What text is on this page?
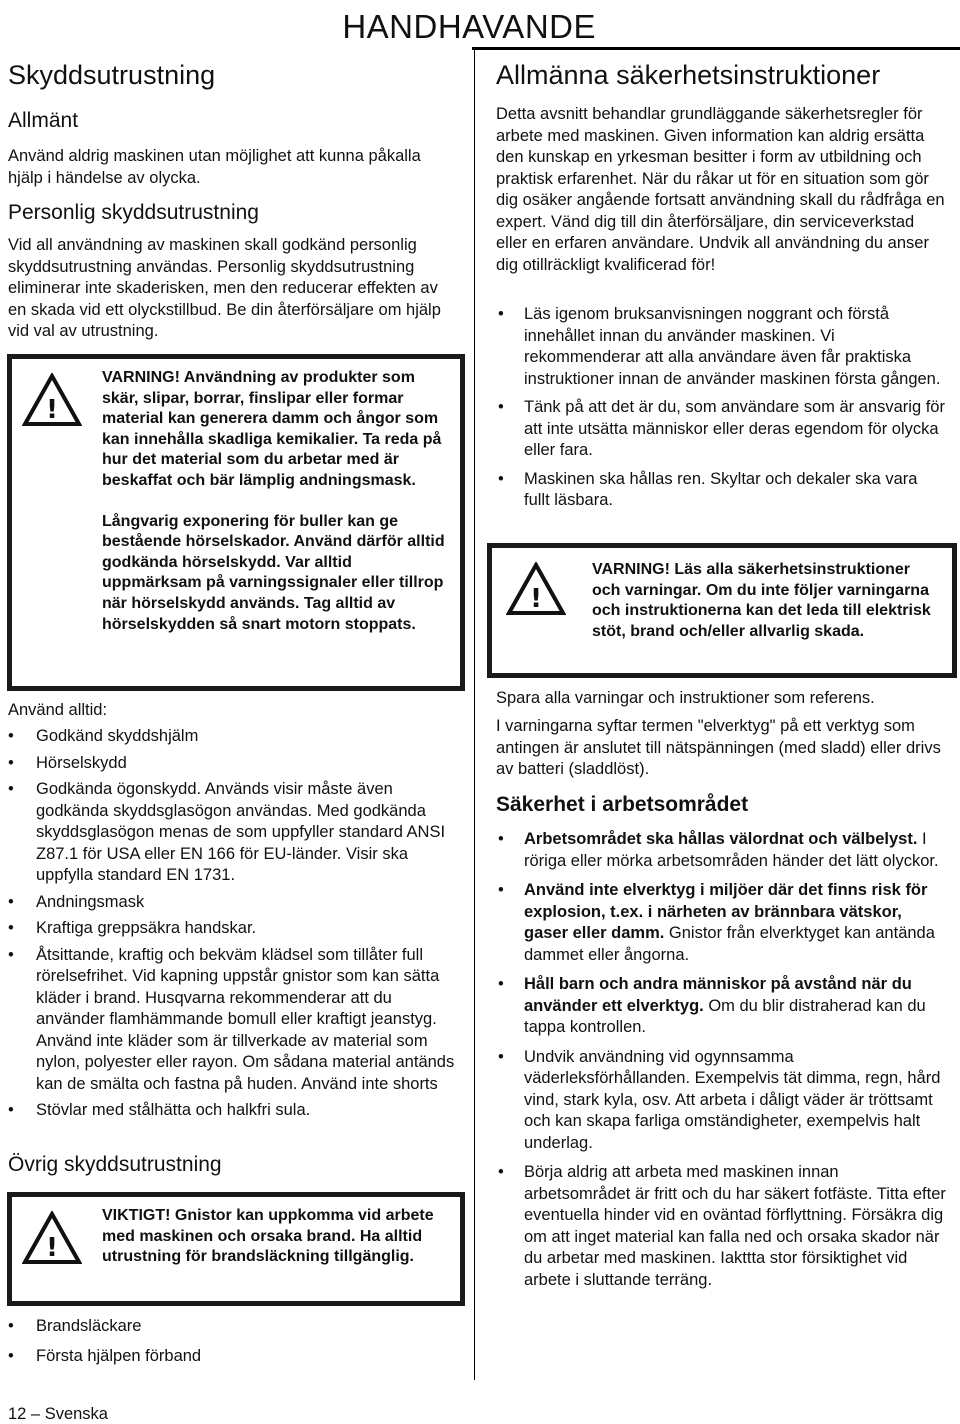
HANDHAVANDE
Skyddsutrustning
Allmänt

Använd aldrig maskinen utan möjlighet att kunna påkalla hjälp i händelse av olycka.

Personlig skyddsutrustning

Vid all användning av maskinen skall godkänd personlig skyddsutrustning användas. Personlig skyddsutrustning eliminerar inte skaderisken, men den reducerar effekten av en skada vid ett olyckstillbud. Be din återförsäljare om hjälp vid val av utrustning.

!

VARNING! Användning av produkter som skär, slipar, borrar, finslipar eller formar material kan generera damm och ångor som kan innehålla skadliga kemikalier. Ta reda på hur det material som du arbetar med är beskaffat och bär lämplig andningsmask.

Långvarig exponering för buller kan ge bestående hörselskador. Använd därför alltid godkända hörselskydd. Var alltid uppmärksam på varningssignaler eller tillrop när hörselskydd används. Tag alltid av hörselskydden så snart motorn stoppats.

Använd alltid:

• Godkänd skyddshjälm
• Hörselskydd
• Godkända ögonskydd. Används visir måste även godkända skyddsglasögon användas. Med godkända skyddsglasögon menas de som uppfyller standard ANSI Z87.1 för USA eller EN 166 för EU-länder. Visir ska uppfylla standard EN 1731.
• Andningsmask
• Kraftiga greppsäkra handskar.
• Åtsittande, kraftig och bekväm klädsel som tillåter full rörelsefrihet. Vid kapning uppstår gnistor som kan sätta kläder i brand. Husqvarna rekommenderar att du använder flamhämmande bomull eller kraftigt jeanstyg. Använd inte kläder som är tillverkade av material som nylon, polyester eller rayon. Om sådana material antänds kan de smälta och fastna på huden. Använd inte shorts
• Stövlar med stålhätta och halkfri sula.
Övrig skyddsutrustning
!

VIKTIGT! Gnistor kan uppkomma vid arbete med maskinen och orsaka brand. Ha alltid utrustning för brandsläckning tillgänglig.

• Brandsläckare
• Första hjälpen förband
12 – Svenska
Allmänna säkerhetsinstruktioner

Detta avsnitt behandlar grundläggande säkerhetsregler för arbete med maskinen. Given information kan aldrig ersätta den kunskap en yrkesman besitter i form av utbildning och praktisk erfarenhet. När du råkar ut för en situation som gör dig osäker angående fortsatt användning skall du rådfråga en expert. Vänd dig till din återförsäljare, din serviceverkstad eller en erfaren användare. Undvik all användning du anser dig otillräckligt kvalificerad för!

• Läs igenom bruksanvisningen noggrant och förstå innehållet innan du använder maskinen. Vi rekommenderar att alla användare även får praktiska instruktioner innan de använder maskinen första gången.
• Tänk på att det är du, som användare som är ansvarig för att inte utsätta människor eller deras egendom för olycka eller fara.
• Maskinen ska hållas ren. Skyltar och dekaler ska vara fullt läsbara.
!

VARNING! Läs alla säkerhetsinstruktioner och varningar. Om du inte följer varningarna och instruktionerna kan det leda till elektrisk stöt, brand och/eller allvarlig skada.

Spara alla varningar och instruktioner som referens.

I varningarna syftar termen "elverktyg" på ett verktyg som antingen är anslutet till nätspänningen (med sladd) eller drivs av batteri (sladdlöst).

Säkerhet i arbetsområdet
• Arbetsområdet ska hållas välordnat och välbelyst. I röriga eller mörka arbetsområden händer det lätt olyckor.
• Använd inte elverktyg i miljöer där det finns risk för explosion, t.ex. i närheten av brännbara vätskor, gaser eller damm. Gnistor från elverktyget kan antända dammet eller ångorna.
• Håll barn och andra människor på avstånd när du använder ett elverktyg. Om du blir distraherad kan du tappa kontrollen.
• Undvik användning vid ogynnsamma väderleksförhållanden. Exempelvis tät dimma, regn, hård vind, stark kyla, osv. Att arbeta i dåligt väder är tröttsamt och kan skapa farliga omständigheter, exempelvis halt underlag.
• Börja aldrig att arbeta med maskinen innan arbetsområdet är fritt och du har säkert fotfäste. Titta efter eventuella hinder vid en oväntad förflyttning. Försäkra dig om att inget material kan falla ned och orsaka skador när du arbetar med maskinen. Iakttta stor försiktighet vid arbete i sluttande terräng.
